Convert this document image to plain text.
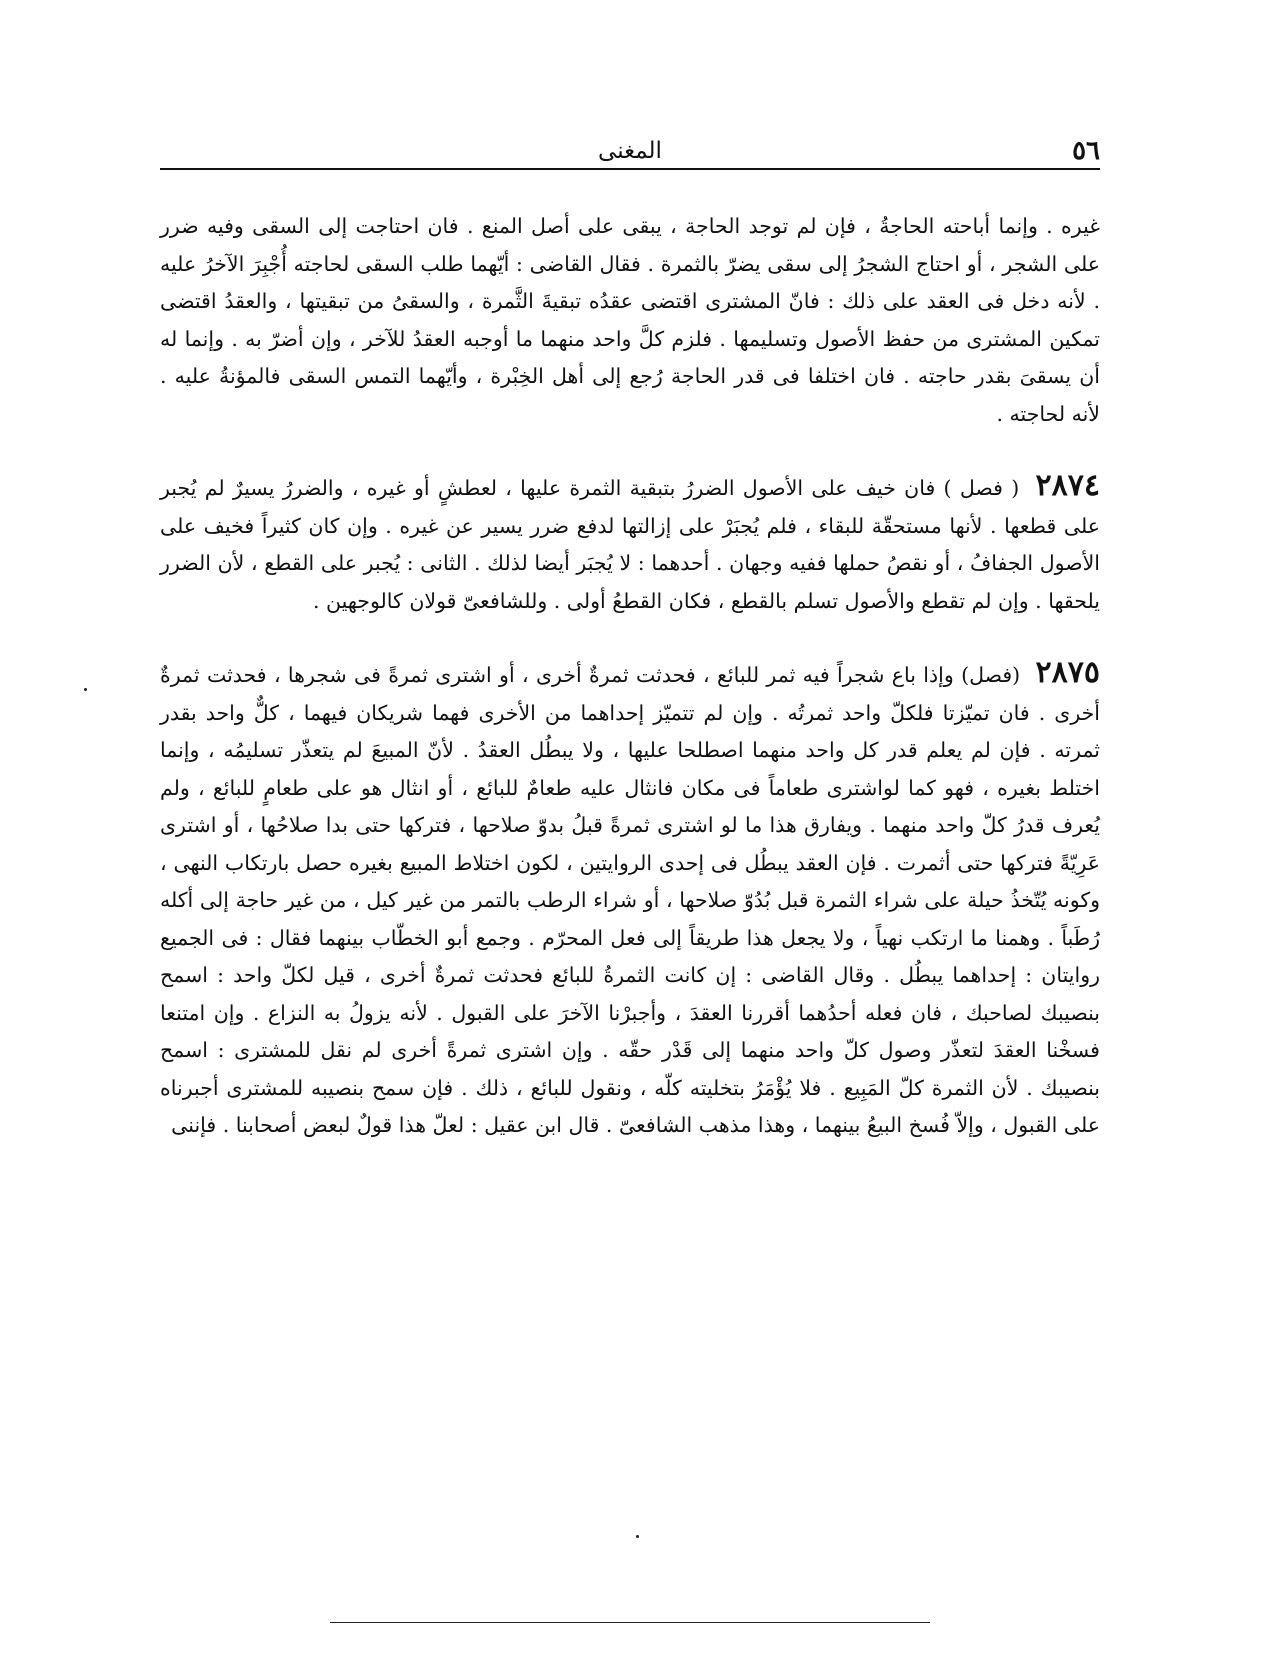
٥٦
المغنى

غيره . وإنما أباحته الحاجةُ ، فإن لم توجد الحاجة ، يبقى على أصل المنع . فان احتاجت إلى السقى وفيه ضرر على الشجر ، أو احتاج الشجرُ إلى سقى يضرّ بالثمرة . فقال القاضى : أيّهما طلب السقى لحاجته أُجْبِرَ الآخرُ عليه . لأنه دخل فى العقد على ذلك : فانّ المشترى اقتضى عقدُه تبقيةَ الثَّمرة ، والسقىُ من تبقيتها ، والعقدُ اقتضى تمكين المشترى من حفظ الأصول وتسليمها . فلزم كلَّ واحد منهما ما أوجبه العقدُ للآخر ، وإن أضرّ به . وإنما له أن يسقىَ بقدر حاجته . فان اختلفا فى قدر الحاجة رُجع إلى أهل الخِبْرة ، وأيّهما التمس السقى فالمؤنةُ عليه . لأنه لحاجته .

٢٨٧٤ ( فصل ) فان خيف على الأصول الضررُ بتبقية الثمرة عليها ، لعطشٍ أو غيره ، والضررُ يسيرٌ لم يُجبر على قطعها . لأنها مستحقّة للبقاء ، فلم يُجبَرْ على إزالتها لدفع ضرر يسير عن غيره . وإن كان كثيراً فخيف على الأصول الجفافُ ، أو نقصُ حملها ففيه وجهان . أحدهما : لا يُجبَر أيضا لذلك . الثانى : يُجبر على القطع ، لأن الضرر يلحقها . وإن لم تقطع والأصول تسلم بالقطع ، فكان القطعُ أولى . وللشافعىّ قولان كالوجهين .

٢٨٧٥ (فصل) وإذا باع شجراً فيه ثمر للبائع ، فحدثت ثمرةٌ أخرى ، أو اشترى ثمرةً فى شجرها ، فحدثت ثمرةٌ أخرى . فان تميّزتا فلكلّ واحد ثمرتُه . وإن لم تتميّز إحداهما من الأخرى فهما شريكان فيهما ، كلٌّ واحد بقدر ثمرته . فإن لم يعلم قدر كل واحد منهما اصطلحا عليها ، ولا يبطُل العقدُ . لأنّ المبيعَ لم يتعذّر تسليمُه ، وإنما اختلط بغيره ، فهو كما لواشترى طعاماً فى مكان فانثال عليه طعامٌ للبائع ، أو انثال هو على طعامٍ للبائع ، ولم يُعرف قدرُ كلّ واحد منهما . ويفارق هذا ما لو اشترى ثمرةً قبلُ بدوّ صلاحها ، فتركها حتى بدا صلاحُها ، أو اشترى عَرِيّةً فتركها حتى أثمرت . فإن العقد يبطُل فى إحدى الروايتين ، لكون اختلاط المبيع بغيره حصل بارتكاب النهى ، وكونه يُتّخذُ حيلة على شراء الثمرة قبل بُدُوّ صلاحها ، أو شراء الرطب بالتمر من غير كيل ، من غير حاجة إلى أكله رُطَباً . وهمنا ما ارتكب نهياً ، ولا يجعل هذا طريقاً إلى فعل المحرّم . وجمع أبو الخطّاب بينهما فقال : فى الجميع روايتان : إحداهما يبطُل . وقال القاضى : إن كانت الثمرةُ للبائع فحدثت ثمرةٌ أخرى ، قيل لكلّ واحد : اسمح بنصيبك لصاحبك ، فان فعله أحدُهما أقررنا العقدَ ، وأجبرْنا الآخرَ على القبول . لأنه يزولُ به النزاع . وإن امتنعا فسخْنا العقدَ لتعذّر وصول كلّ واحد منهما إلى قَدْر حقّه . وإن اشترى ثمرةً أخرى لم نقل للمشترى : اسمح بنصيبك . لأن الثمرة كلّ المَبِيع . فلا يُؤْمَرُ بتخليته كلّه ، ونقول للبائع ، ذلك . فإن سمح بنصيبه للمشترى أجبرناه على القبول ، وإلاّ فُسخ البيعُ بينهما ، وهذا مذهب الشافعىّ . قال ابن عقيل : لعلّ هذا قولٌ لبعض أصحابنا . فإننى
